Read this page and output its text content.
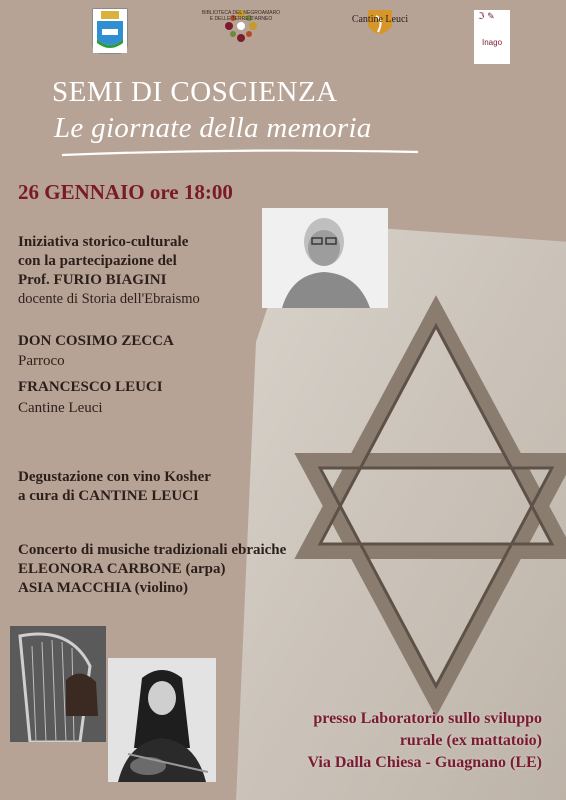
BIBLIOTECA DEL NEGROAMARO
E DELLE TERRE D'ARNEO	Cantine Leuci	ℑ ✎
Inago
SEMI DI COSCIENZA
Le giornate della memoria
26 GENNAIO ore 18:00
Iniziativa storico-culturale
con la partecipazione del
Prof. FURIO BIAGINI
docente di Storia dell'Ebraismo
DON COSIMO ZECCA
Parroco
FRANCESCO LEUCI
Cantine Leuci
Degustazione con vino Kosher
a cura di CANTINE LEUCI
Concerto di musiche tradizionali ebraiche
ELEONORA CARBONE (arpa)
ASIA MACCHIA (violino)
presso Laboratorio sullo sviluppo
rurale (ex mattatoio)
Via Dalla Chiesa - Guagnano (LE)
